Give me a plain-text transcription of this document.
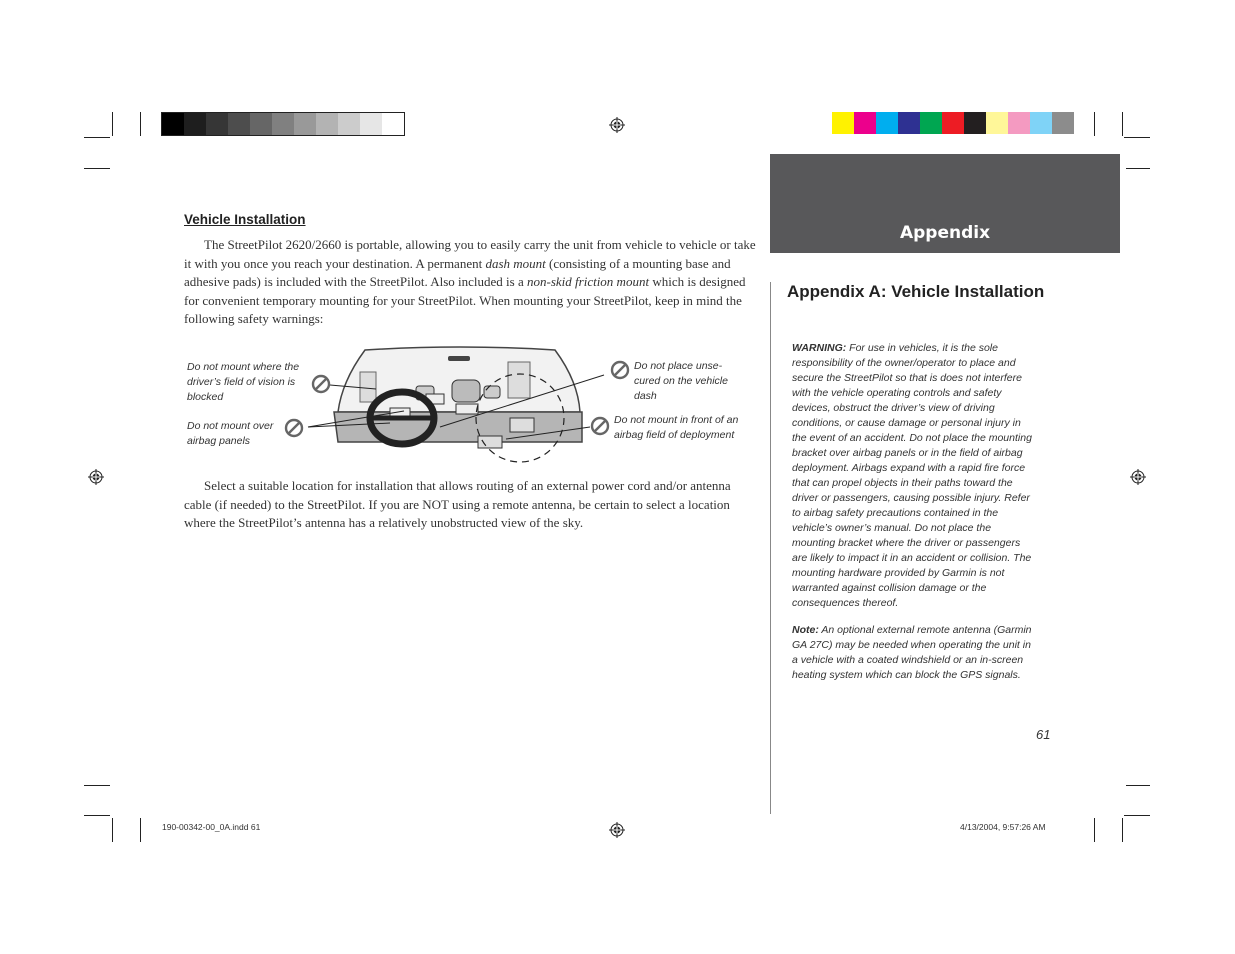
Vehicle Installation
The StreetPilot 2620/2660 is portable, allowing you to easily carry the unit from vehicle to vehicle or take it with you once you reach your destination. A permanent dash mount (consisting of a mounting base and adhesive pads) is included with the StreetPilot. Also included is a non-skid friction mount which is designed for convenient temporary mounting for your StreetPilot. When mounting your StreetPilot, keep in mind the following safety warnings:
Do not mount where the driver’s field of vision is blocked
Do not mount over airbag panels
Do not place unse-cured on the vehicle dash
Do not mount in front of an airbag field of deployment
Select a suitable location for installation that allows routing of an external power cord and/or antenna cable (if needed) to the StreetPilot. If you are NOT using a remote antenna, be certain to select a location where the StreetPilot’s antenna has a relatively unobstructed view of the sky.
Appendix
Appendix A: Vehicle Installation
WARNING: For use in vehicles, it is the sole responsibility of the owner/operator to place and secure the StreetPilot so that is does not interfere with the vehicle operating controls and safety devices, obstruct the driver’s view of driving conditions, or cause damage or personal injury in the event of an accident. Do not place the mounting bracket over airbag panels or in the field of airbag deployment. Airbags expand with a rapid fire force that can propel objects in their paths toward the driver or passengers, causing possible injury. Refer to airbag safety precautions contained in the vehicle’s owner’s manual. Do not place the mounting bracket where the driver or passengers are likely to impact it in an accident or collision. The mounting hardware provided by Garmin is not warranted against collision damage or the consequences thereof.
Note: An optional external remote antenna (Garmin GA 27C) may be needed when operating the unit in a vehicle with a coated windshield or an in-screen heating system which can block the GPS signals.
61
190-00342-00_0A.indd 61	4/13/2004, 9:57:26 AM
